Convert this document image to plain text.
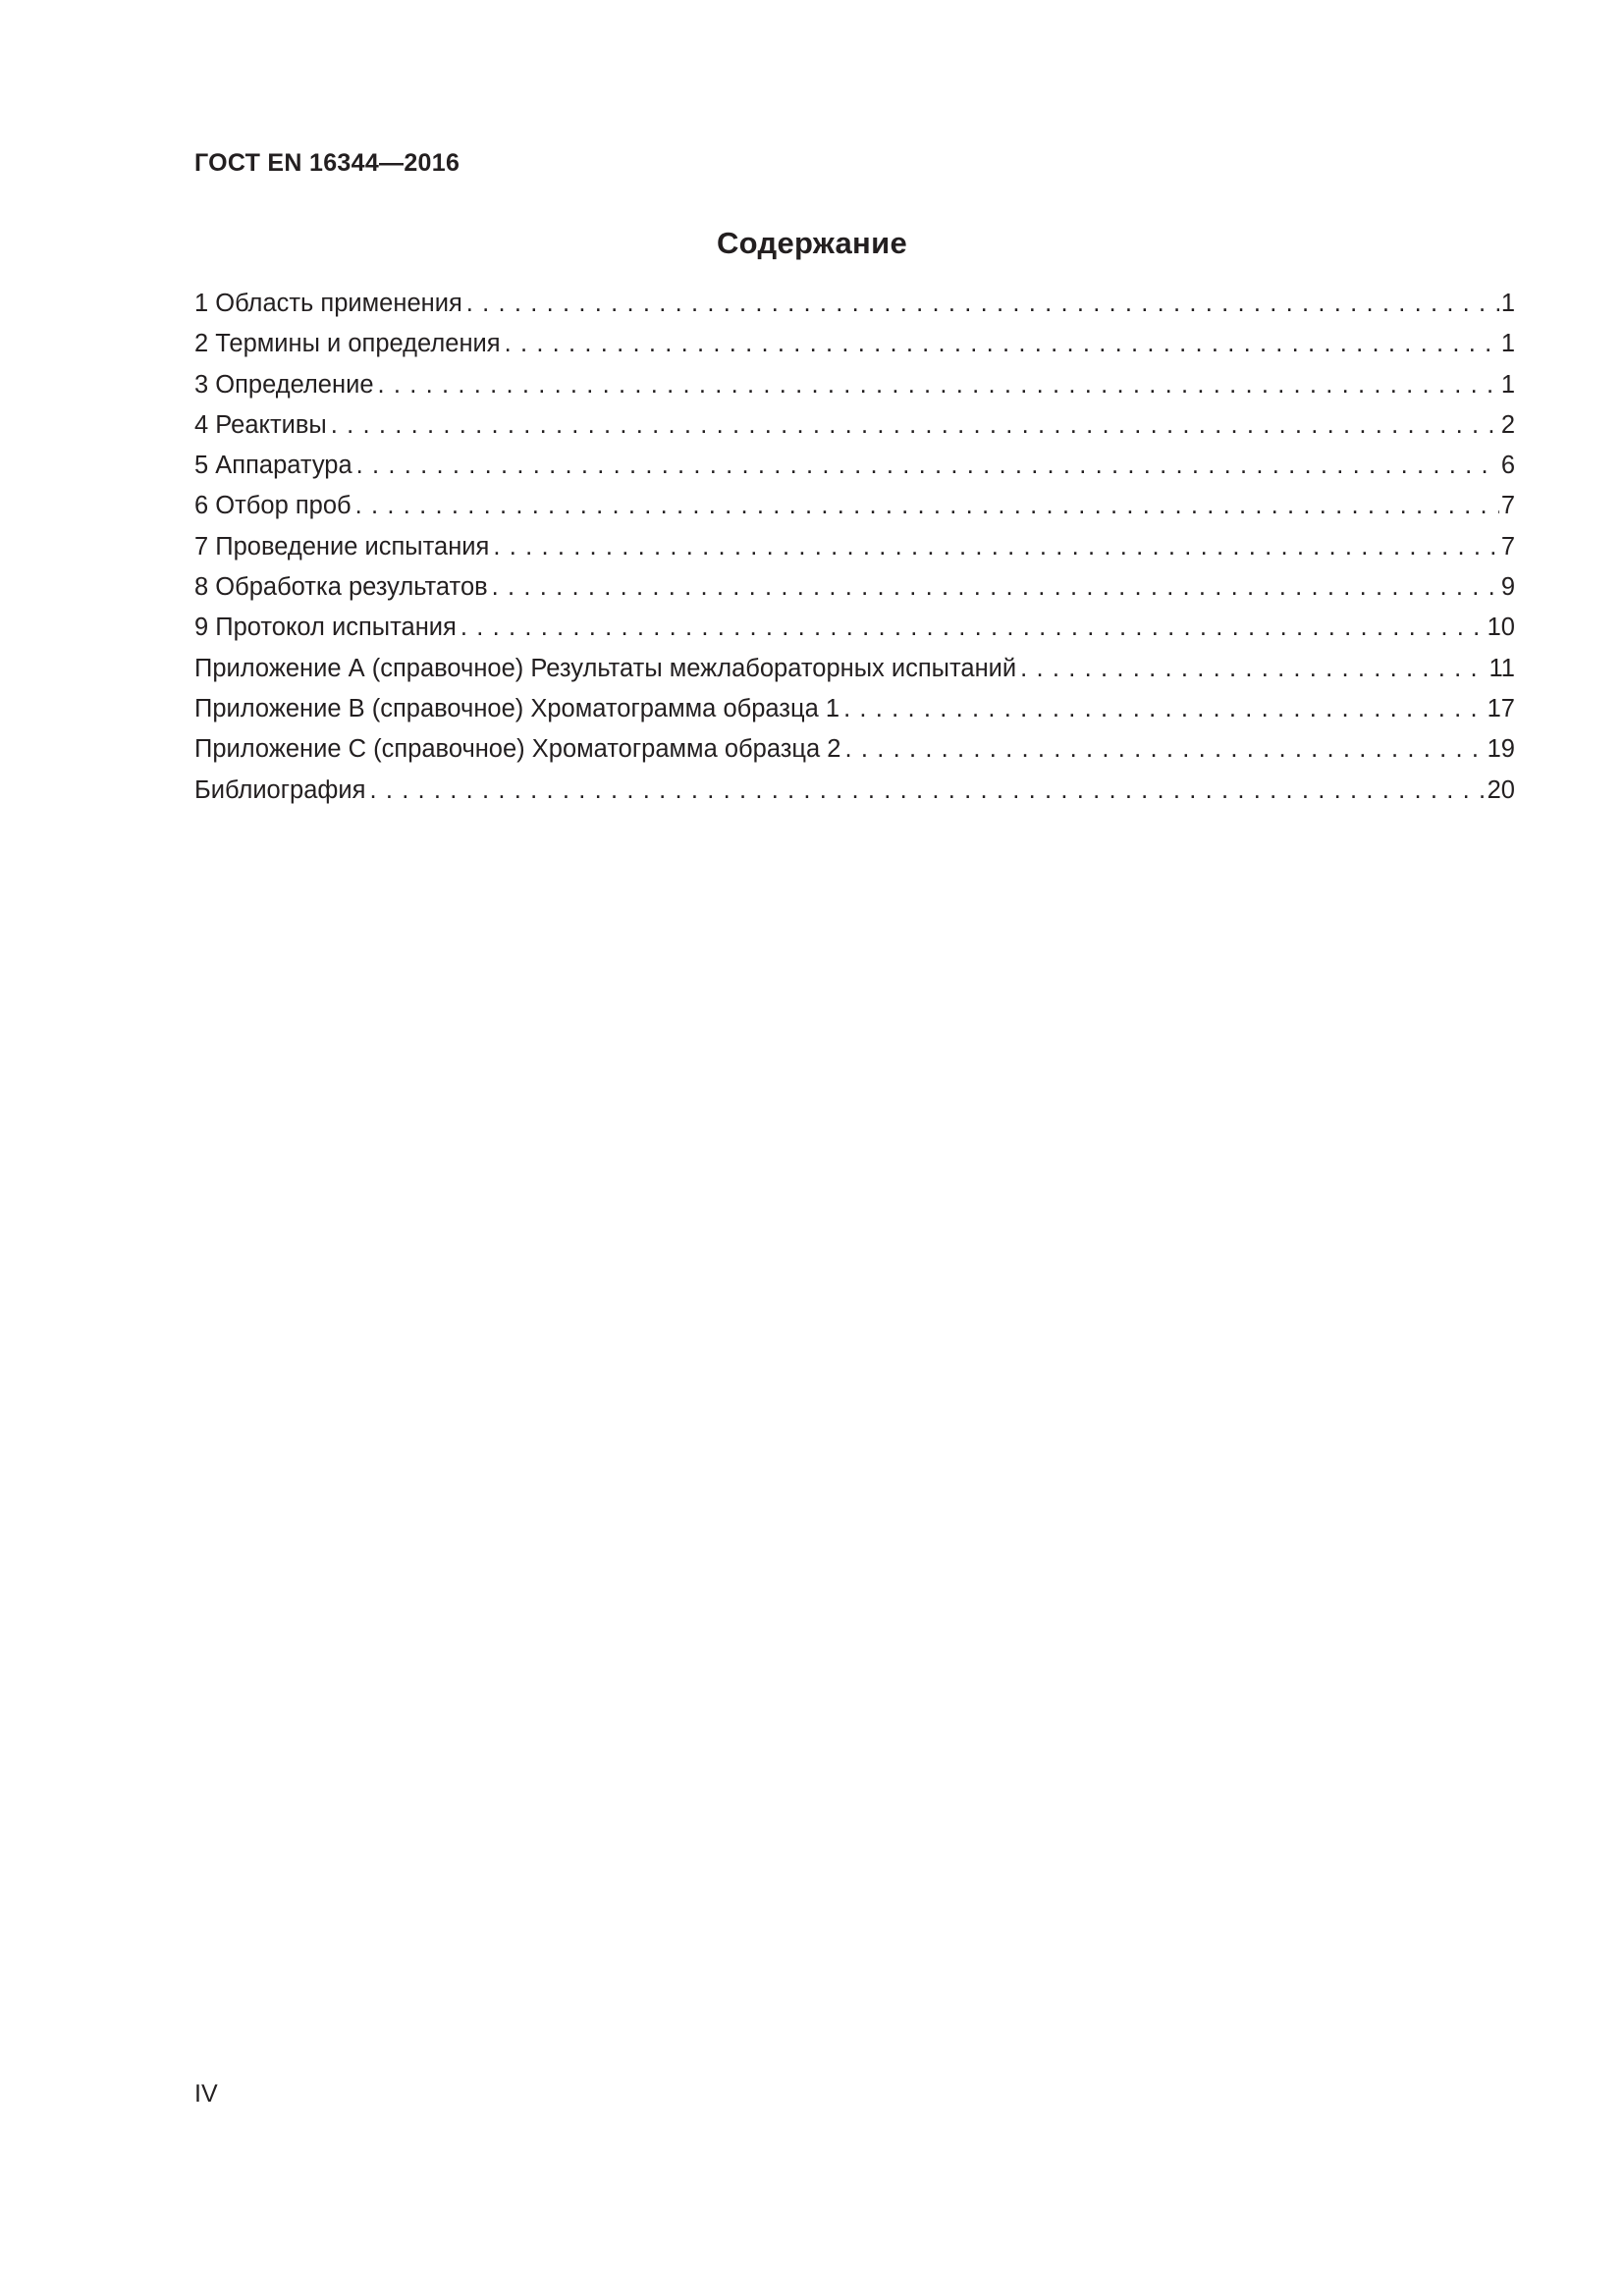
ГОСТ EN 16344—2016
Содержание
1 Область применения . . .	1
2 Термины и определения . . .	1
3 Определение . . .	1
4 Реактивы . . .	2
5 Аппаратура . . .	6
6 Отбор проб . . .	7
7 Проведение испытания . . .	7
8 Обработка результатов . . .	9
9 Протокол испытания . . .	10
Приложение А (справочное) Результаты межлабораторных испытаний . . .	11
Приложение В (справочное) Хроматограмма образца 1 . . .	17
Приложение С (справочное) Хроматограмма образца 2 . . .	19
Библиография . . .	20
IV
